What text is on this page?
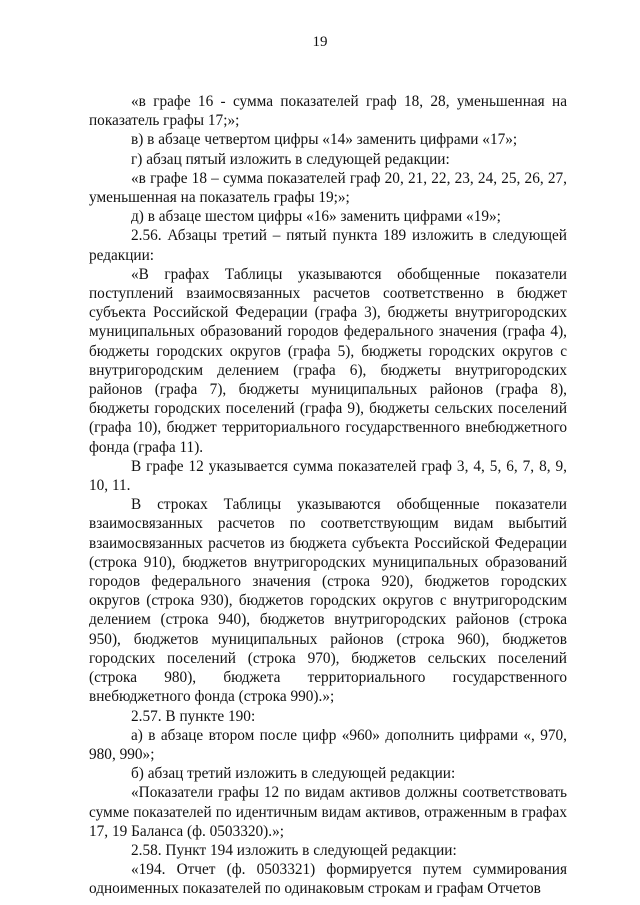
19

«в графе 16 - сумма показателей граф 18, 28, уменьшенная на показатель графы 17;»;

в) в абзаце четвертом цифры «14» заменить цифрами «17»;

г) абзац пятый изложить в следующей редакции:

«в графе 18 – сумма показателей граф 20, 21, 22, 23, 24, 25, 26, 27, уменьшенная на показатель графы 19;»;

д) в абзаце шестом цифры «16» заменить цифрами «19»;

2.56. Абзацы третий – пятый пункта 189 изложить в следующей редакции:

«В графах Таблицы указываются обобщенные показатели поступлений взаимосвязанных расчетов соответственно в бюджет субъекта Российской Федерации (графа 3), бюджеты внутригородских муниципальных образований городов федерального значения (графа 4), бюджеты городских округов (графа 5), бюджеты городских округов с внутригородским делением (графа 6), бюджеты внутригородских районов (графа 7), бюджеты муниципальных районов (графа 8), бюджеты городских поселений (графа 9), бюджеты сельских поселений (графа 10), бюджет территориального государственного внебюджетного фонда (графа 11).

В графе 12 указывается сумма показателей граф 3, 4, 5, 6, 7, 8, 9, 10, 11.

В строках Таблицы указываются обобщенные показатели взаимосвязанных расчетов по соответствующим видам выбытий взаимосвязанных расчетов из бюджета субъекта Российской Федерации (строка 910), бюджетов внутригородских муниципальных образований городов федерального значения (строка 920), бюджетов городских округов (строка 930), бюджетов городских округов с внутригородским делением (строка 940), бюджетов внутригородских районов (строка 950), бюджетов муниципальных районов (строка 960), бюджетов городских поселений (строка 970), бюджетов сельских поселений (строка 980), бюджета территориального государственного внебюджетного фонда (строка 990).»;

2.57. В пункте 190:

а) в абзаце втором после цифр «960» дополнить цифрами «, 970, 980, 990»;

б) абзац третий изложить в следующей редакции:

«Показатели графы 12 по видам активов должны соответствовать сумме показателей по идентичным видам активов, отраженным в графах 17, 19 Баланса (ф. 0503320).»;

2.58. Пункт 194 изложить в следующей редакции:

«194. Отчет (ф. 0503321) формируется путем суммирования одноименных показателей по одинаковым строкам и графам Отчетов
